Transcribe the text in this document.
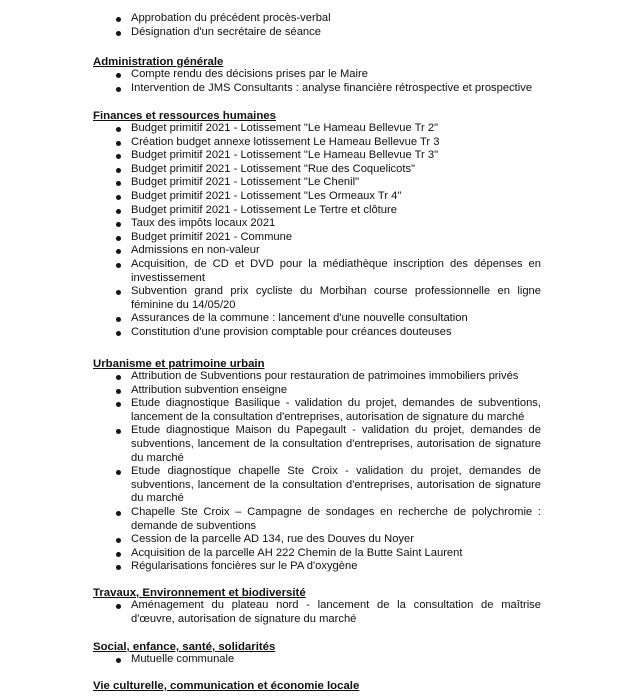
Approbation du précédent procès-verbal
Désignation d'un secrétaire de séance
Administration générale
Compte rendu des décisions prises par le Maire
Intervention de JMS Consultants : analyse financière rétrospective et prospective
Finances et ressources humaines
Budget primitif 2021 - Lotissement "Le Hameau Bellevue Tr 2"
Création budget annexe lotissement Le Hameau Bellevue Tr 3
Budget primitif 2021 - Lotissement "Le Hameau Bellevue Tr 3"
Budget primitif 2021 - Lotissement "Rue des Coquelicots"
Budget primitif 2021 - Lotissement "Le Chenil"
Budget primitif 2021 - Lotissement "Les Ormeaux Tr 4"
Budget primitif 2021 - Lotissement Le Tertre et clôture
Taux des impôts locaux 2021
Budget primitif 2021 - Commune
Admissions en non-valeur
Acquisition, de CD et DVD pour la médiathèque inscription des dépenses en investissement
Subvention grand prix cycliste du Morbihan course professionnelle en ligne féminine du 14/05/20
Assurances de la commune : lancement d'une nouvelle consultation
Constitution d'une provision comptable pour créances douteuses
Urbanisme et patrimoine urbain
Attribution de Subventions pour restauration de patrimoines immobiliers privés
Attribution subvention enseigne
Etude diagnostique Basilique - validation du projet, demandes de subventions, lancement de la consultation d'entreprises, autorisation de signature du marché
Etude diagnostique Maison du Papegault - validation du projet, demandes de subventions, lancement de la consultation d'entreprises, autorisation de signature du marché
Etude diagnostique chapelle Ste Croix - validation du projet, demandes de subventions, lancement de la consultation d'entreprises, autorisation de signature du marché
Chapelle Ste Croix – Campagne de sondages en recherche de polychromie : demande de subventions
Cession de la parcelle AD 134, rue des Douves du Noyer
Acquisition de la parcelle AH 222 Chemin de la Butte Saint Laurent
Régularisations foncières sur le PA d'oxygène
Travaux, Environnement et biodiversité
Aménagement du plateau nord - lancement de la consultation de maîtrise d'œuvre, autorisation de signature du marché
Social, enfance, santé, solidarités
Mutuelle communale
Vie culturelle, communication et économie locale
